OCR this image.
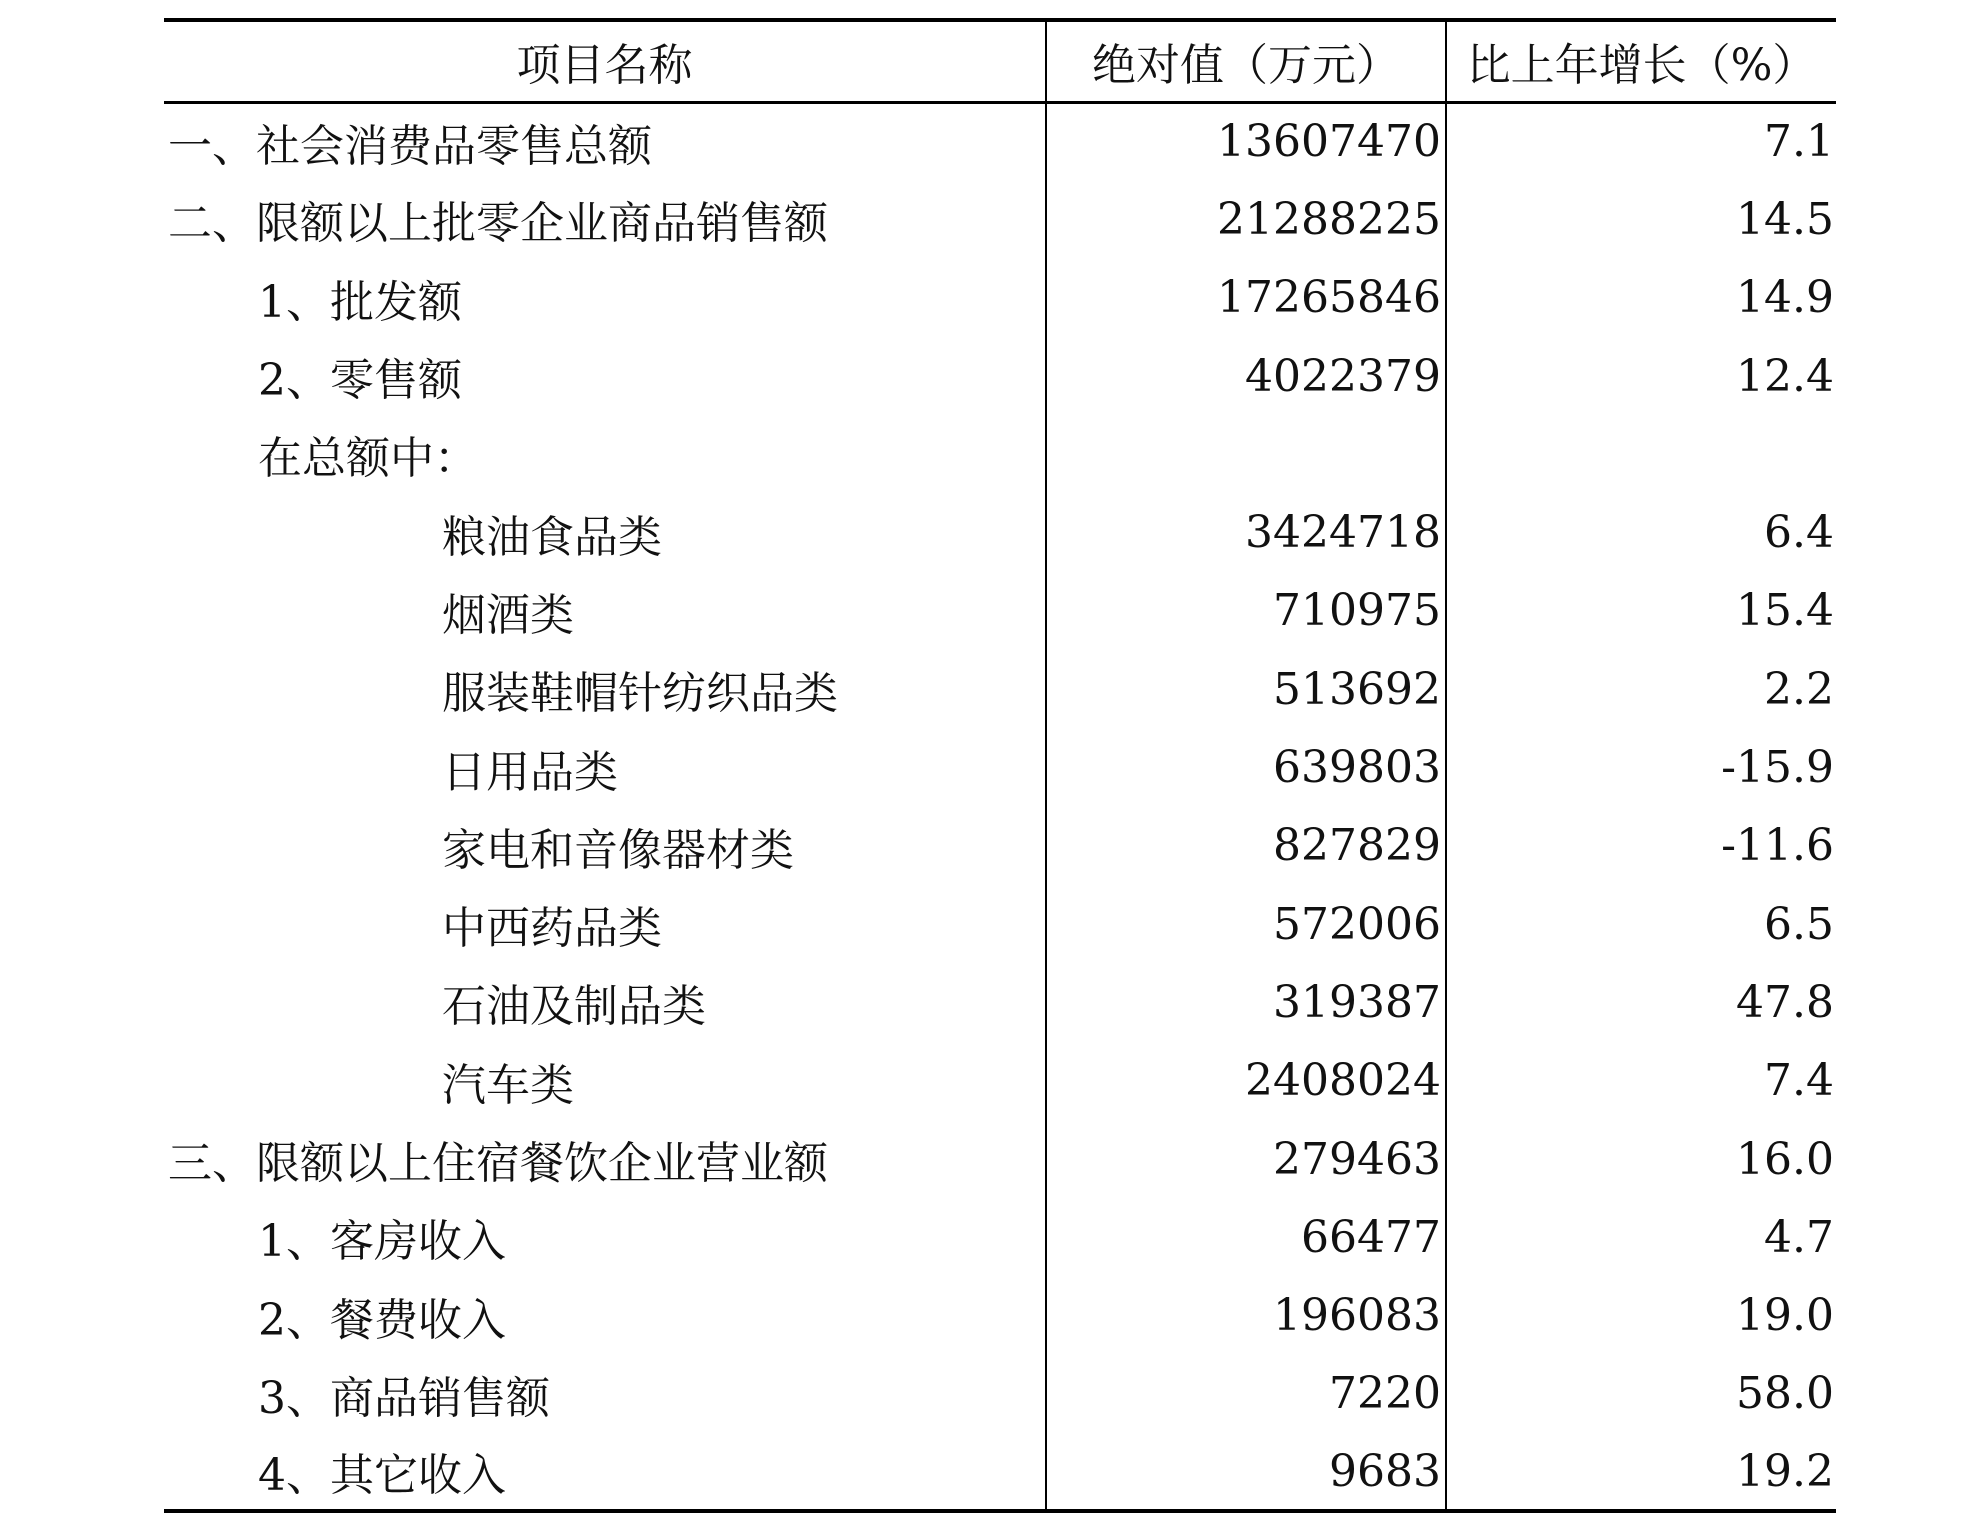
项目名称	绝对值（万元）	比上年增长（%）
一、社会消费品零售总额	13607470	7.1
二、限额以上批零企业商品销售额	21288225	14.5
1、批发额	17265846	14.9
2、零售额	4022379	12.4
在总额中：		
粮油食品类	3424718	6.4
烟酒类	710975	15.4
服装鞋帽针纺织品类	513692	2.2
日用品类	639803	-15.9
家电和音像器材类	827829	-11.6
中西药品类	572006	6.5
石油及制品类	319387	47.8
汽车类	2408024	7.4
三、限额以上住宿餐饮企业营业额	279463	16.0
1、客房收入	66477	4.7
2、餐费收入	196083	19.0
3、商品销售额	7220	58.0
4、其它收入	9683	19.2
